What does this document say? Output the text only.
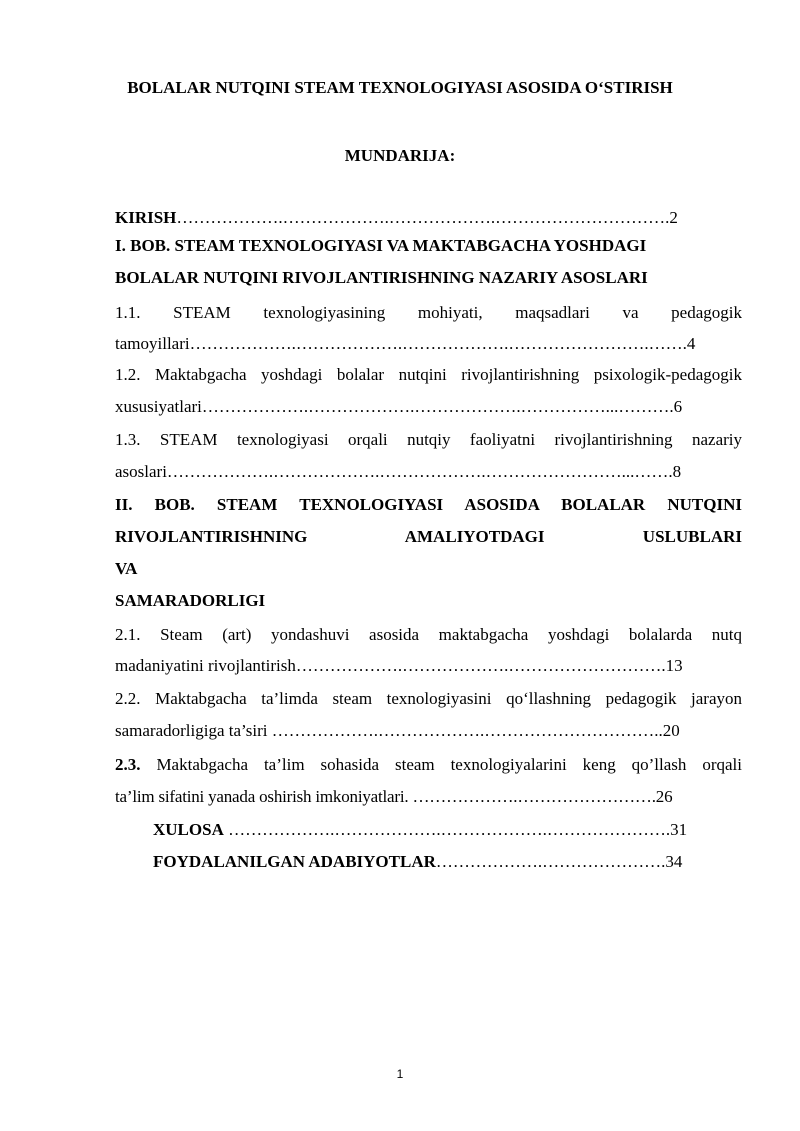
BOLALAR NUTQINI STEAM TEXNOLOGIYASI ASOSIDA O‘STIRISH
MUNDARIJA:

KIRISH……………….……………….……………….………………………….2

I. BOB. STEAM TEXNOLOGIYASI VA MAKTABGACHA YOSHDAGI

BOLALAR NUTQINI RIVOJLANTIRISHNING NAZARIY ASOSLARI

1.1. STEAM texnologiyasining mohiyati, maqsadlari va pedagogik

tamoyillari……………….……………….……………….…………………….…….4

1.2. Maktabgacha yoshdagi bolalar nutqini rivojlantirishning psixologik-pedagogik

xususiyatlari……………….……………….……………….……………...……….6

1.3. STEAM texnologiyasi orqali nutqiy faoliyatni rivojlantirishning nazariy

asoslari……………….……………….……………….……………………...…….8

II. BOB. STEAM TEXNOLOGIYASI ASOSIDA BOLALAR NUTQINI

RIVOJLANTIRISHNING AMALIYOTDAGI USLUBLARI VA

SAMARADORLIGI

2.1. Steam (art) yondashuvi asosida maktabgacha yoshdagi bolalarda nutq

madaniyatini rivojlantirish……………….……………….……………………….13

2.2. Maktabgacha ta’limda steam texnologiyasini qo‘llashning pedagogik jarayon

samaradorligiga ta’siri ……………….……………….…………………………..20

2.3. Maktabgacha ta’lim sohasida steam texnologiyalarini keng qo’llash orqali

ta’lim sifatini yanada oshirish imkoniyatlari. ……………….…………………….26

XULOSA ……………….……………….……………….………………….31

FOYDALANILGAN ADABIYOTLAR……………….………………….34

1
